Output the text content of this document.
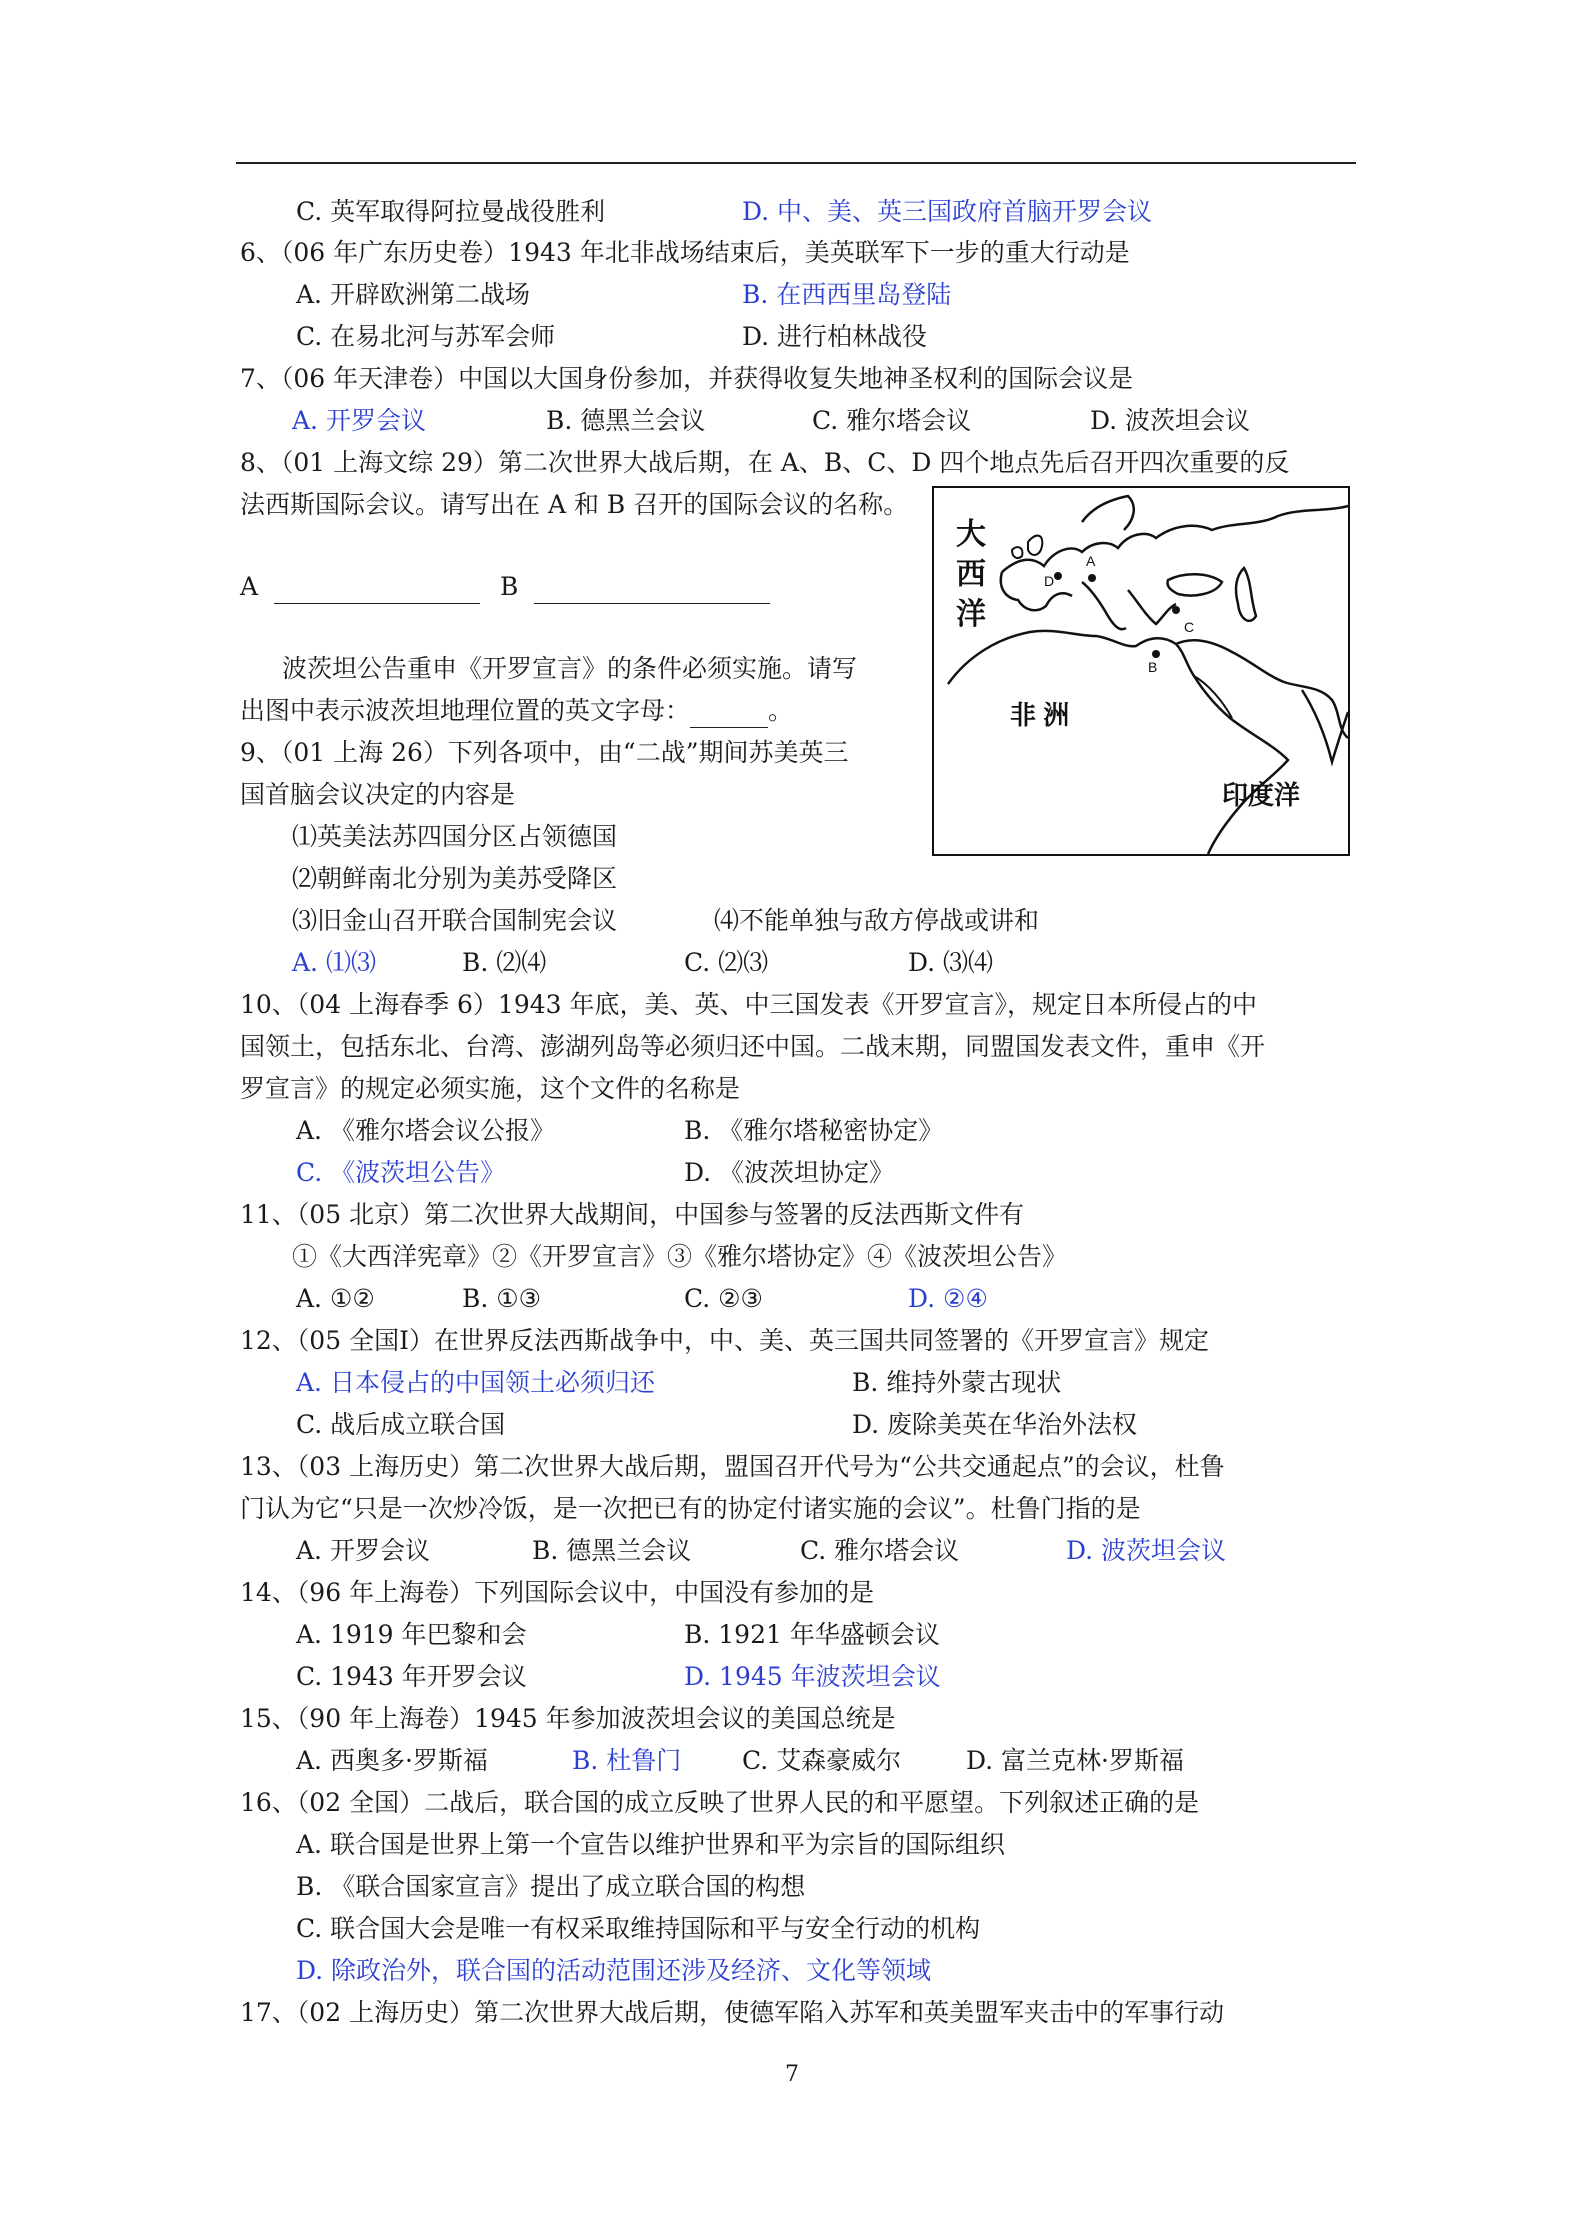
C. 英军取得阿拉曼战役胜利	D. 中、美、英三国政府首脑开罗会议
6、（06 年广东历史卷）1943 年北非战场结束后，美英联军下一步的重大行动是
A. 开辟欧洲第二战场	B. 在西西里岛登陆
C. 在易北河与苏军会师	D. 进行柏林战役
7、（06 年天津卷）中国以大国身份参加，并获得收复失地神圣权利的国际会议是
A. 开罗会议	B. 德黑兰会议	C. 雅尔塔会议	D. 波茨坦会议
8、（01 上海文综 29）第二次世界大战后期，在 A、B、C、D 四个地点先后召开四次重要的反
法西斯国际会议。请写出在 A 和 B 召开的国际会议的名称。
A	B
波茨坦公告重申《开罗宣言》的条件必须实施。请写
出图中表示波茨坦地理位置的英文字母：	。
大
西
洋
非 洲
印度洋
A
B
C
D
9、（01 上海 26）下列各项中，由“二战”期间苏美英三
国首脑会议决定的内容是
⑴英美法苏四国分区占领德国
⑵朝鲜南北分别为美苏受降区
⑶旧金山召开联合国制宪会议	⑷不能单独与敌方停战或讲和
A. ⑴⑶	B. ⑵⑷	C. ⑵⑶	D. ⑶⑷
10、（04 上海春季 6）1943 年底，美、英、中三国发表《开罗宣言》，规定日本所侵占的中
国领土，包括东北、台湾、澎湖列岛等必须归还中国。二战末期，同盟国发表文件，重申《开
罗宣言》的规定必须实施，这个文件的名称是
A. 《雅尔塔会议公报》	B. 《雅尔塔秘密协定》
C. 《波茨坦公告》	D. 《波茨坦协定》
11、（05 北京）第二次世界大战期间，中国参与签署的反法西斯文件有
①《大西洋宪章》②《开罗宣言》③《雅尔塔协定》④《波茨坦公告》
A. ①②	B. ①③	C. ②③	D. ②④
12、（05 全国Ⅰ）在世界反法西斯战争中，中、美、英三国共同签署的《开罗宣言》规定
A. 日本侵占的中国领土必须归还	B. 维持外蒙古现状
C. 战后成立联合国	D. 废除美英在华治外法权
13、（03 上海历史）第二次世界大战后期，盟国召开代号为“公共交通起点”的会议，杜鲁
门认为它“只是一次炒冷饭，是一次把已有的协定付诸实施的会议”。杜鲁门指的是
A. 开罗会议	B. 德黑兰会议	C. 雅尔塔会议	D. 波茨坦会议
14、（96 年上海卷）下列国际会议中，中国没有参加的是
A. 1919 年巴黎和会	B. 1921 年华盛顿会议
C. 1943 年开罗会议	D. 1945 年波茨坦会议
15、（90 年上海卷）1945 年参加波茨坦会议的美国总统是
A. 西奥多·罗斯福	B. 杜鲁门 C. 艾森豪威尔	D. 富兰克林·罗斯福
16、（02 全国）二战后，联合国的成立反映了世界人民的和平愿望。下列叙述正确的是
A. 联合国是世界上第一个宣告以维护世界和平为宗旨的国际组织
B. 《联合国家宣言》提出了成立联合国的构想
C. 联合国大会是唯一有权采取维持国际和平与安全行动的机构
D. 除政治外，联合国的活动范围还涉及经济、文化等领域
17、（02 上海历史）第二次世界大战后期，使德军陷入苏军和英美盟军夹击中的军事行动
7
